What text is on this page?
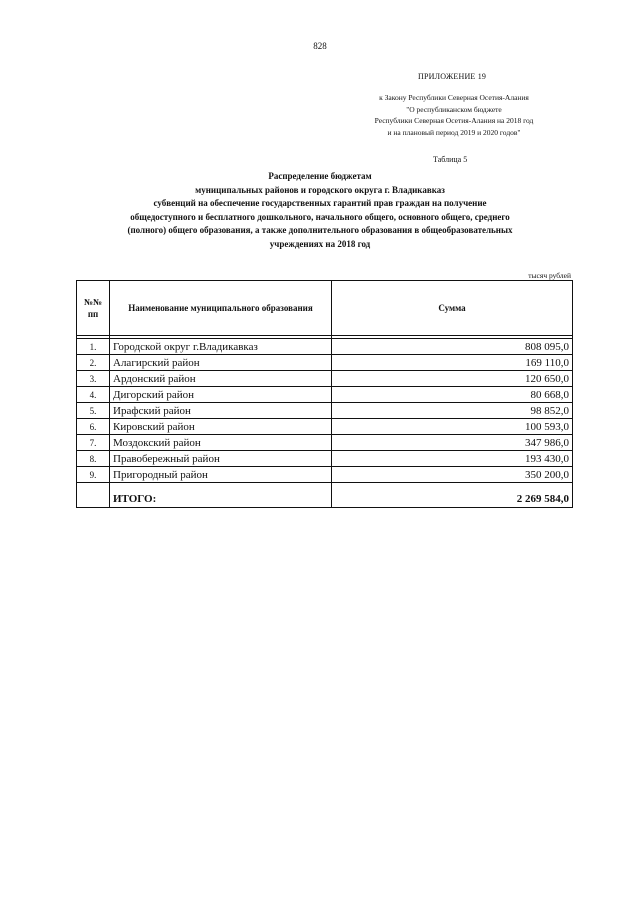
828
ПРИЛОЖЕНИЕ 19
к Закону Республики Северная Осетия-Алания
"О республиканском бюджете
Республики Северная Осетия-Алания на 2018 год
и на плановый период 2019 и 2020 годов"
Таблица 5
Распределение бюджетам
муниципальных районов и городского округа г. Владикавказ
субвенций на обеспечение государственных гарантий прав граждан на получение
общедоступного и бесплатного дошкольного, начального общего, основного общего, среднего
(полного) общего образования, а также дополнительного образования в общеобразовательных
учреждениях на 2018 год
тысяч рублей
№№ пп	Наименование муниципального образования	Сумма

1.	Городской округ г.Владикавказ	808 095,0
2.	Алагирский район	169 110,0
3.	Ардонский район	120 650,0
4.	Дигорский район	80 668,0
5.	Ирафский район	98 852,0
6.	Кировский район	100 593,0
7.	Моздокский район	347 986,0
8.	Правобережный район	193 430,0
9.	Пригородный район	350 200,0
	ИТОГО:	2 269 584,0
